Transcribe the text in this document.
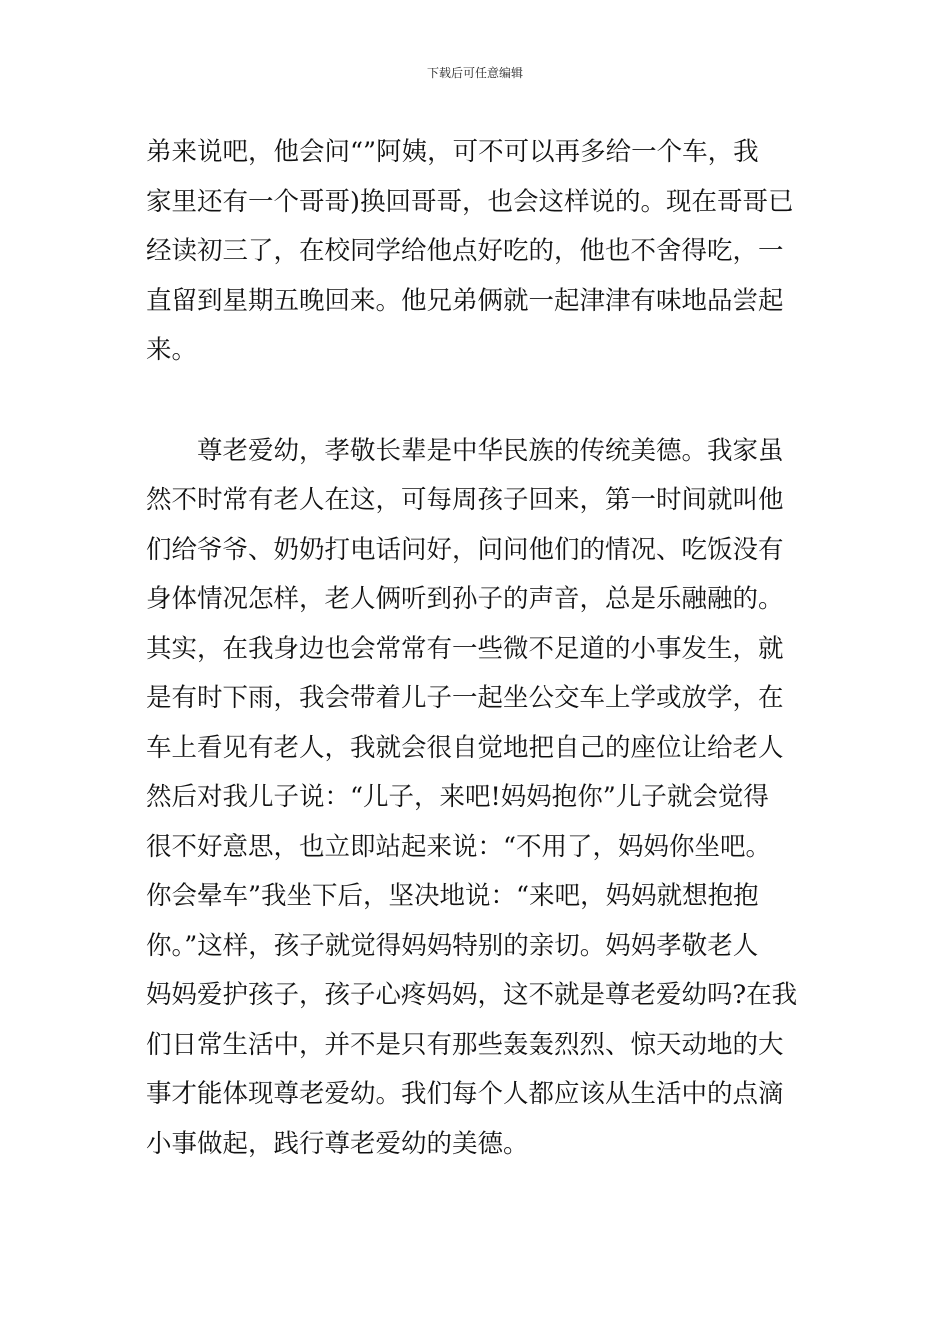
下载后可任意编辑
弟来说吧，他会问“”阿姨，可不可以再多给一个车，我
家里还有一个哥哥)换回哥哥，也会这样说的。现在哥哥已
经读初三了，在校同学给他点好吃的，他也不舍得吃，一
直留到星期五晚回来。他兄弟俩就一起津津有味地品尝起
来。
尊老爱幼，孝敬长辈是中华民族的传统美德。我家虽
然不时常有老人在这，可每周孩子回来，第一时间就叫他
们给爷爷、奶奶打电话问好，问问他们的情况、吃饭没有
身体情况怎样，老人俩听到孙子的声音，总是乐融融的。
其实，在我身边也会常常有一些微不足道的小事发生，就
是有时下雨，我会带着儿子一起坐公交车上学或放学，在
车上看见有老人，我就会很自觉地把自己的座位让给老人
然后对我儿子说：“儿子，来吧!妈妈抱你”儿子就会觉得
很不好意思，也立即站起来说：“不用了，妈妈你坐吧。
你会晕车”我坐下后，坚决地说：“来吧，妈妈就想抱抱
你。”这样，孩子就觉得妈妈特别的亲切。妈妈孝敬老人
妈妈爱护孩子，孩子心疼妈妈，这不就是尊老爱幼吗?在我
们日常生活中，并不是只有那些轰轰烈烈、惊天动地的大
事才能体现尊老爱幼。我们每个人都应该从生活中的点滴
小事做起，践行尊老爱幼的美德。
